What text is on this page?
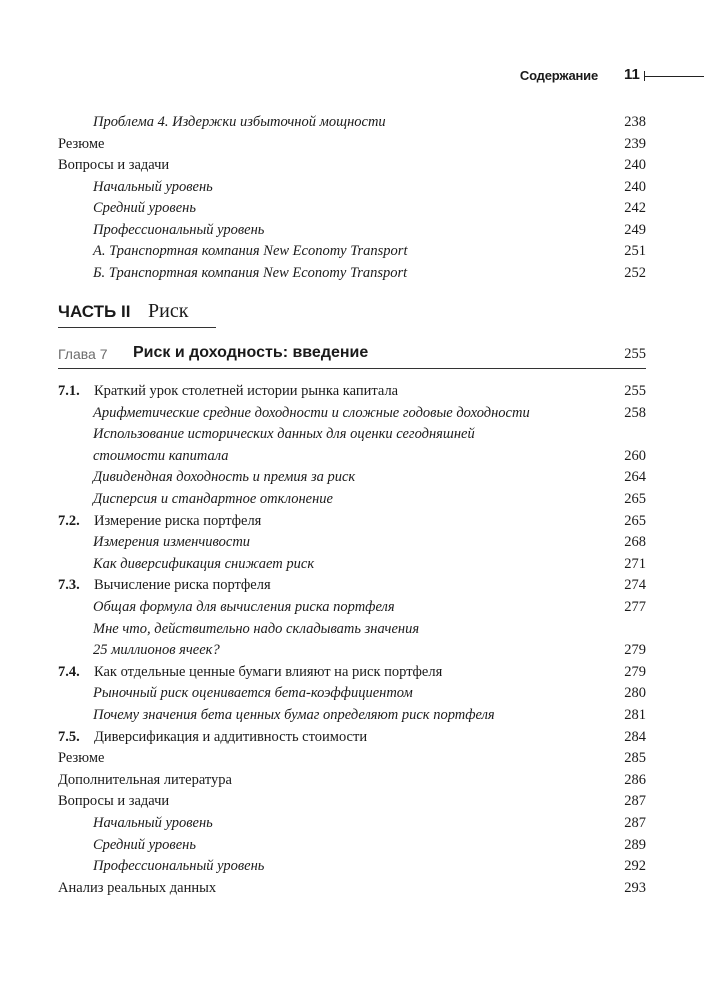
Содержание 11
Проблема 4. Издержки избыточной мощности	238
Резюме	239
Вопросы и задачи	240
Начальный уровень	240
Средний уровень	242
Профессиональный уровень	249
А. Транспортная компания New Economy Transport	251
Б. Транспортная компания New Economy Transport	252
ЧАСТЬ II Риск
Глава 7 Риск и доходность: введение	255
7.1. Краткий урок столетней истории рынка капитала	255
Арифметические средние доходности и сложные годовые доходности	258
Использование исторических данных для оценки сегодняшней
стоимости капитала	260
Дивидендная доходность и премия за риск	264
Дисперсия и стандартное отклонение	265
7.2. Измерение риска портфеля	265
Измерения изменчивости	268
Как диверсификация снижает риск	271
7.3. Вычисление риска портфеля	274
Общая формула для вычисления риска портфеля	277
Мне что, действительно надо складывать значения
25 миллионов ячеек?	279
7.4. Как отдельные ценные бумаги влияют на риск портфеля	279
Рыночный риск оценивается бета-коэффициентом	280
Почему значения бета ценных бумаг определяют риск портфеля	281
7.5. Диверсификация и аддитивность стоимости	284
Резюме	285
Дополнительная литература	286
Вопросы и задачи	287
Начальный уровень	287
Средний уровень	289
Профессиональный уровень	292
Анализ реальных данных	293
